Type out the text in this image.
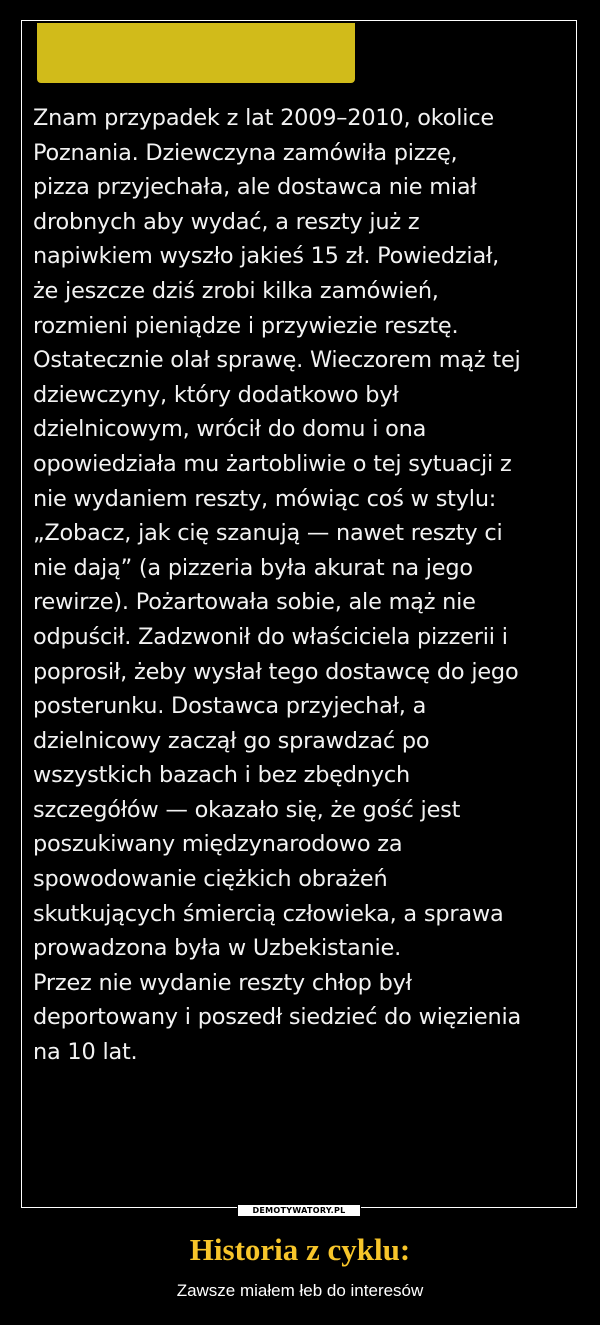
Znam przypadek z lat 2009–2010, okolice
Poznania. Dziewczyna zamówiła pizzę,
pizza przyjechała, ale dostawca nie miał
drobnych aby wydać, a reszty już z
napiwkiem wyszło jakieś 15 zł. Powiedział,
że jeszcze dziś zrobi kilka zamówień,
rozmieni pieniądze i przywiezie resztę.
Ostatecznie olał sprawę. Wieczorem mąż tej
dziewczyny, który dodatkowo był
dzielnicowym, wrócił do domu i ona
opowiedziała mu żartobliwie o tej sytuacji z
nie wydaniem reszty, mówiąc coś w stylu:
„Zobacz, jak cię szanują — nawet reszty ci
nie dają” (a pizzeria była akurat na jego
rewirze). Pożartowała sobie, ale mąż nie
odpuścił. Zadzwonił do właściciela pizzerii i
poprosił, żeby wysłał tego dostawcę do jego
posterunku. Dostawca przyjechał, a
dzielnicowy zaczął go sprawdzać po
wszystkich bazach i bez zbędnych
szczegółów — okazało się, że gość jest
poszukiwany międzynarodowo za
spowodowanie ciężkich obrażeń
skutkujących śmiercią człowieka, a sprawa
prowadzona była w Uzbekistanie.
Przez nie wydanie reszty chłop był
deportowany i poszedł siedzieć do więzienia
na 10 lat.

DEMOTYWATORY.PL
Historia z cyklu:

Zawsze miałem łeb do interesów
